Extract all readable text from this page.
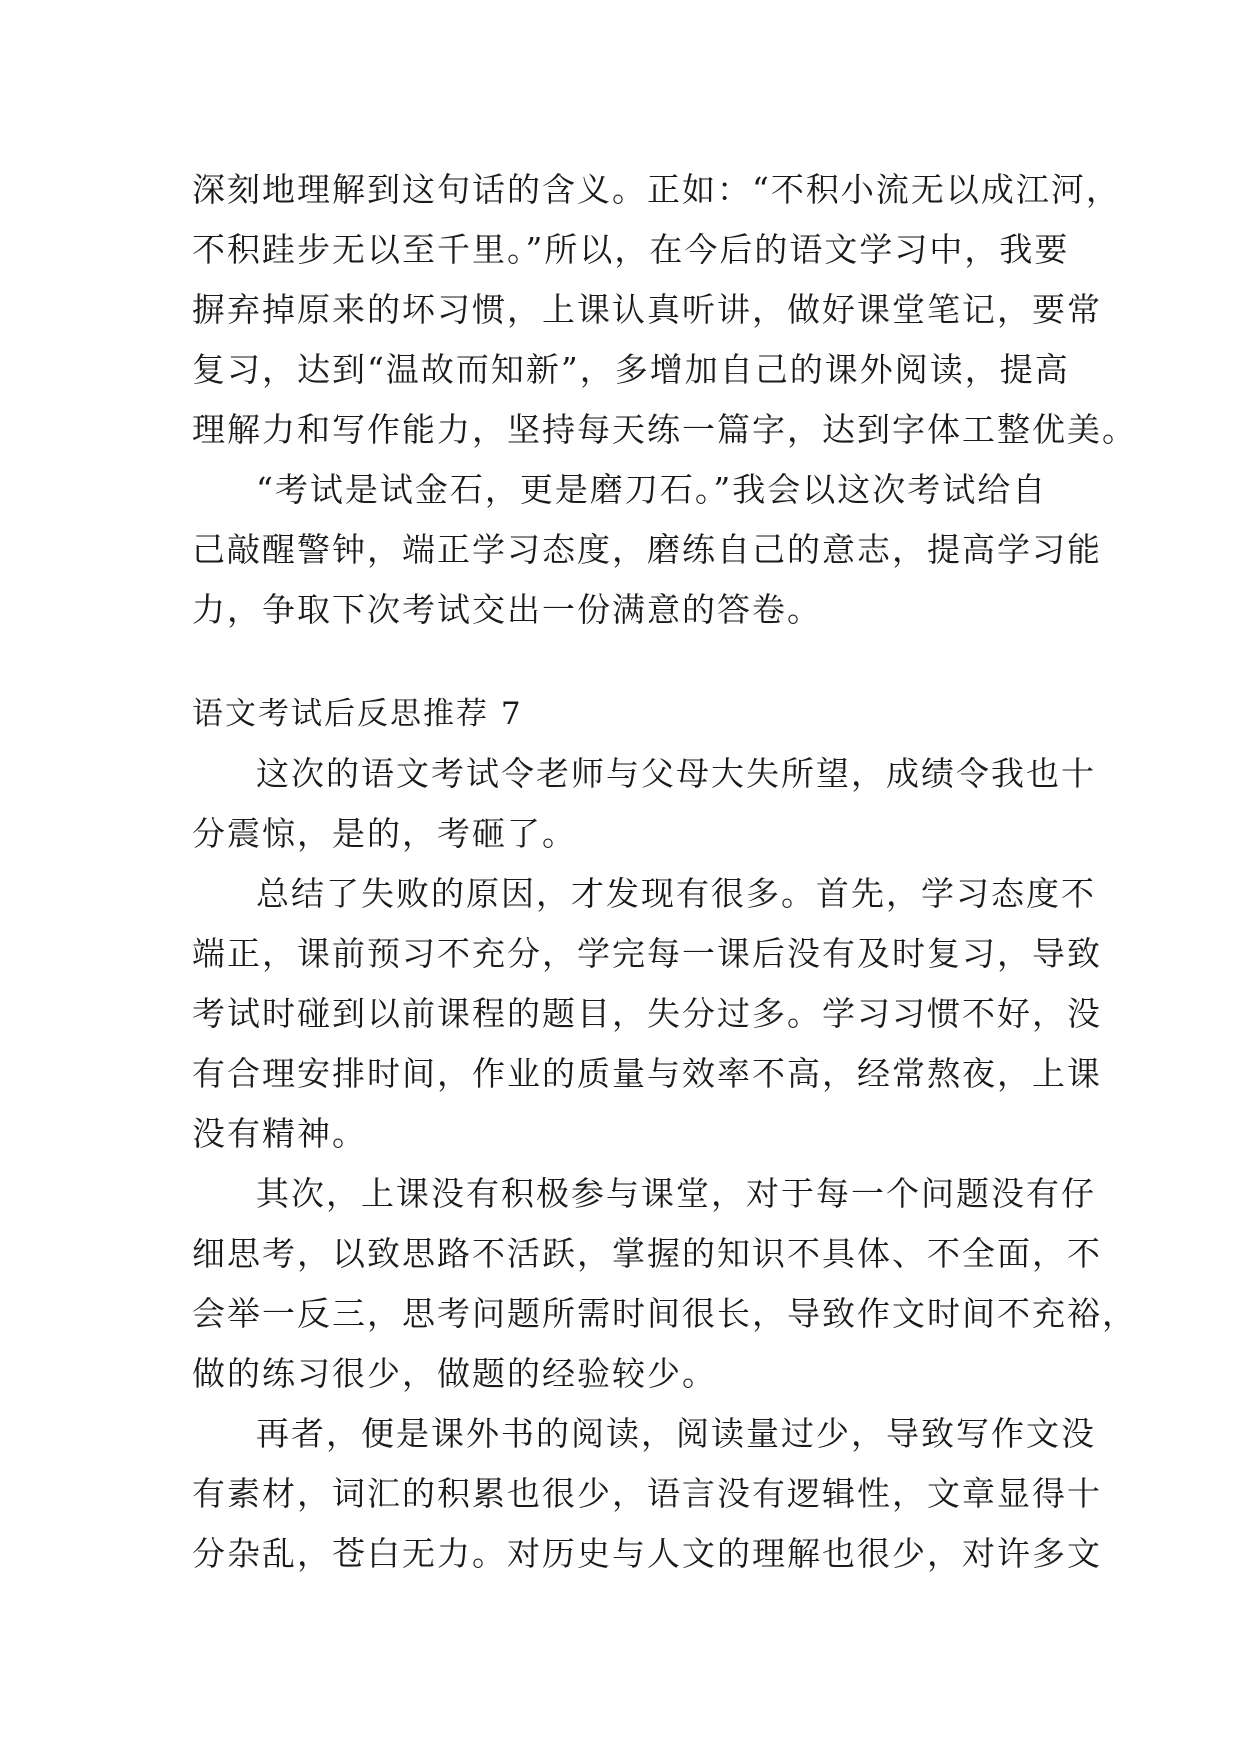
深刻地理解到这句话的含义。正如：“不积小流无以成江河，
不积跬步无以至千里。”所以，在今后的语文学习中，我要
摒弃掉原来的坏习惯，上课认真听讲，做好课堂笔记，要常
复习，达到“温故而知新”，多增加自己的课外阅读，提高
理解力和写作能力，坚持每天练一篇字，达到字体工整优美。
“考试是试金石，更是磨刀石。”我会以这次考试给自
己敲醒警钟，端正学习态度，磨练自己的意志，提高学习能
力，争取下次考试交出一份满意的答卷。
语文考试后反思推荐 7
这次的语文考试令老师与父母大失所望，成绩令我也十
分震惊，是的，考砸了。
总结了失败的原因，才发现有很多。首先，学习态度不
端正，课前预习不充分，学完每一课后没有及时复习，导致
考试时碰到以前课程的题目，失分过多。学习习惯不好，没
有合理安排时间，作业的质量与效率不高，经常熬夜，上课
没有精神。
其次，上课没有积极参与课堂，对于每一个问题没有仔
细思考，以致思路不活跃，掌握的知识不具体、不全面，不
会举一反三，思考问题所需时间很长，导致作文时间不充裕，
做的练习很少，做题的经验较少。
再者，便是课外书的阅读，阅读量过少，导致写作文没
有素材，词汇的积累也很少，语言没有逻辑性，文章显得十
分杂乱，苍白无力。对历史与人文的理解也很少，对许多文
